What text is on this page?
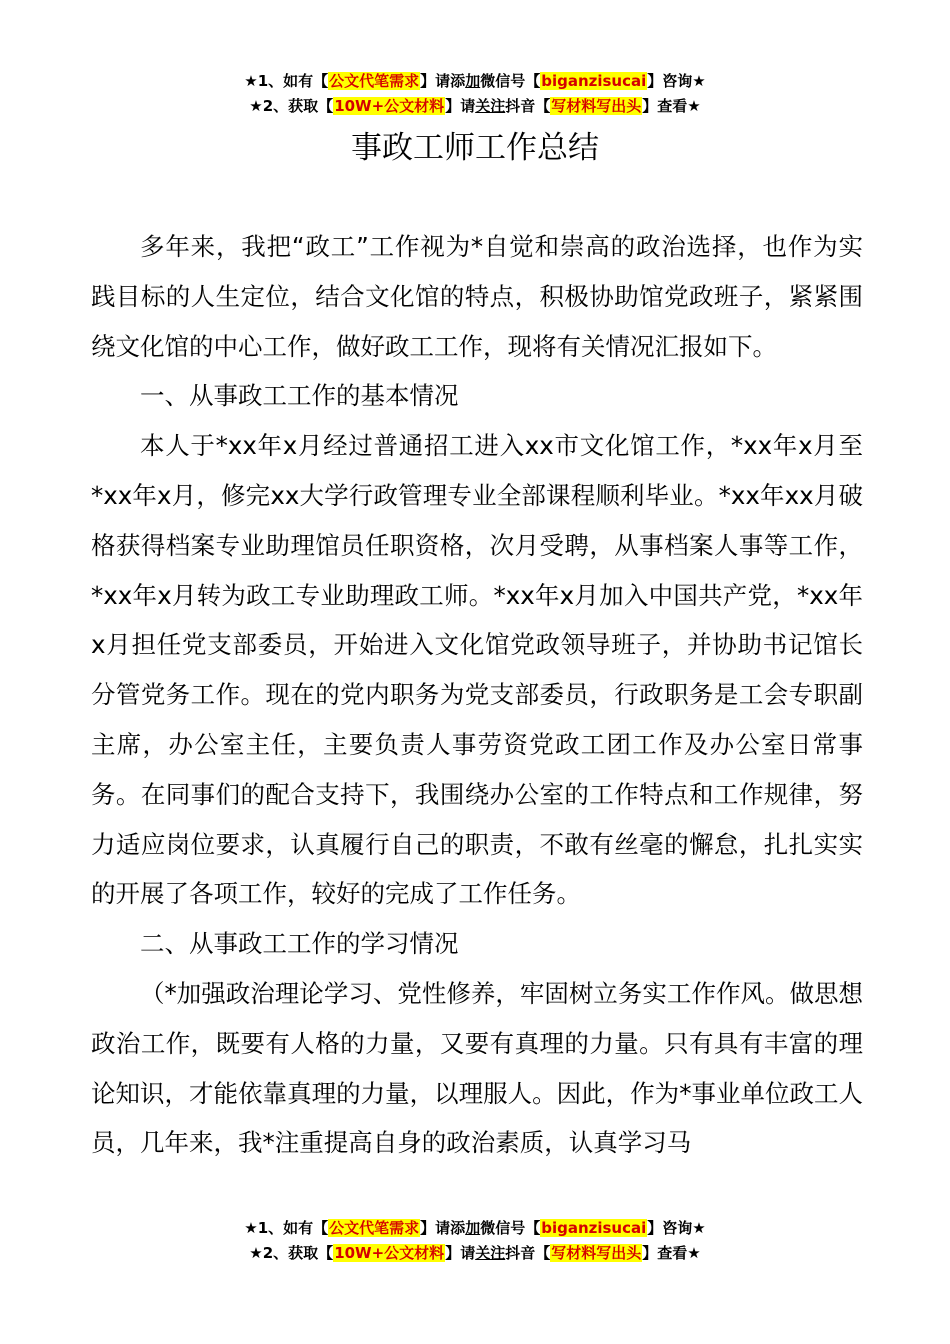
★1、如有【公文代笔需求】请添加微信号【biganzisucai】咨询★
★2、获取【10W+公文材料】请关注抖音【写材料写出头】查看★
事政工师工作总结

多年来，我把“政工”工作视为*自觉和崇高的政治选择，也作为实践目标的人生定位，结合文化馆的特点，积极协助馆党政班子，紧紧围绕文化馆的中心工作，做好政工工作，现将有关情况汇报如下。

一、从事政工工作的基本情况

本人于*xx年x月经过普通招工进入xx市文化馆工作，*xx年x月至*xx年x月，修完xx大学行政管理专业全部课程顺利毕业。*xx年xx月破格获得档案专业助理馆员任职资格，次月受聘，从事档案人事等工作，*xx年x月转为政工专业助理政工师。*xx年x月加入中国共产党，*xx年x月担任党支部委员，开始进入文化馆党政领导班子，并协助书记馆长分管党务工作。现在的党内职务为党支部委员，行政职务是工会专职副主席，办公室主任，主要负责人事劳资党政工团工作及办公室日常事务。在同事们的配合支持下，我围绕办公室的工作特点和工作规律，努力适应岗位要求，认真履行自己的职责，不敢有丝毫的懈怠，扎扎实实的开展了各项工作，较好的完成了工作任务。

二、从事政工工作的学习情况

（*加强政治理论学习、党性修养，牢固树立务实工作作风。做思想政治工作，既要有人格的力量，又要有真理的力量。只有具有丰富的理论知识，才能依靠真理的力量，以理服人。因此，作为*事业单位政工人员，几年来，我*注重提高自身的政治素质，认真学习马

★1、如有【公文代笔需求】请添加微信号【biganzisucai】咨询★
★2、获取【10W+公文材料】请关注抖音【写材料写出头】查看★
